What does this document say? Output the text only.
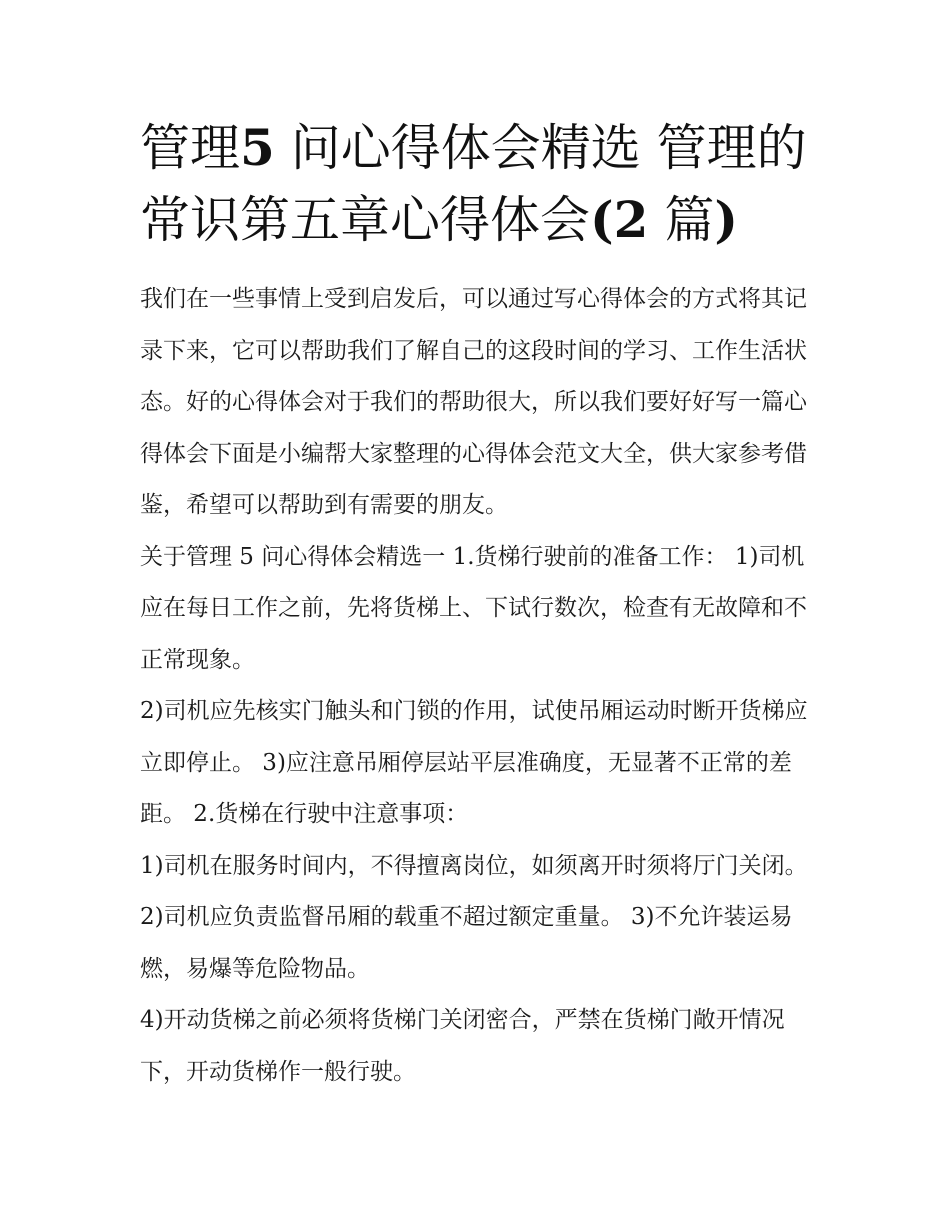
管理5 问心得体会精选 管理的
常识第五章心得体会(2 篇)

我们在一些事情上受到启发后，可以通过写心得体会的方式将其记录下来，它可以帮助我们了解自己的这段时间的学习、工作生活状态。好的心得体会对于我们的帮助很大，所以我们要好好写一篇心得体会下面是小编帮大家整理的心得体会范文大全，供大家参考借鉴，希望可以帮助到有需要的朋友。

关于管理 5 问心得体会精选一 1.货梯行驶前的准备工作： 1)司机应在每日工作之前，先将货梯上、下试行数次，检查有无故障和不正常现象。

2)司机应先核实门触头和门锁的作用，试使吊厢运动时断开货梯应立即停止。 3)应注意吊厢停层站平层准确度，无显著不正常的差距。 2.货梯在行驶中注意事项：

1)司机在服务时间内，不得擅离岗位，如须离开时须将厅门关闭。 2)司机应负责监督吊厢的载重不超过额定重量。 3)不允许装运易燃，易爆等危险物品。

4)开动货梯之前必须将货梯门关闭密合，严禁在货梯门敞开情况下，开动货梯作一般行驶。
